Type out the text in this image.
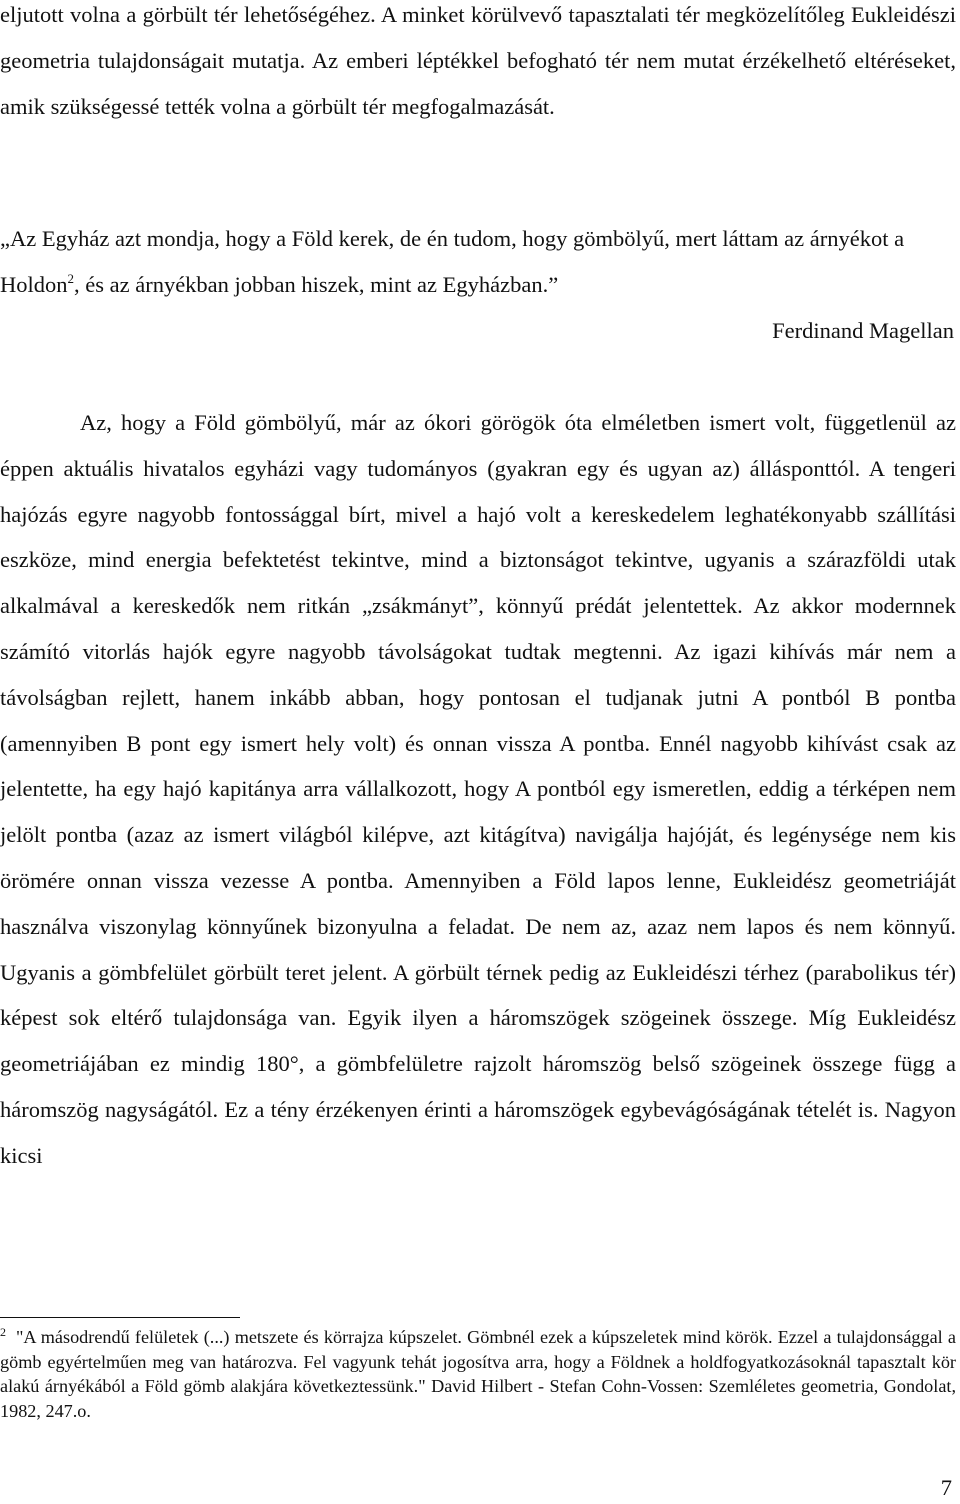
eljutott volna a görbült tér lehetőségéhez. A minket körülvevő tapasztalati tér megközelítőleg Eukleidészi geometria tulajdonságait mutatja. Az emberi léptékkel befogható tér nem mutat érzékelhető eltéréseket, amik szükségessé tették volna a görbült tér megfogalmazását.

„Az Egyház azt mondja, hogy a Föld kerek, de én tudom, hogy gömbölyű, mert láttam az árnyékot a Holdon$^2$, és az árnyékban jobban hiszek, mint az Egyházban.”

Ferdinand Magellan

Az, hogy a Föld gömbölyű, már az ókori görögök óta elméletben ismert volt, függetlenül az éppen aktuális hivatalos egyházi vagy tudományos (gyakran egy és ugyan az) állásponttól. A tengeri hajózás egyre nagyobb fontossággal bírt, mivel a hajó volt a kereskedelem leghatékonyabb szállítási eszköze, mind energia befektetést tekintve, mind a biztonságot tekintve, ugyanis a szárazföldi utak alkalmával a kereskedők nem ritkán „zsákmányt”, könnyű prédát jelentettek. Az akkor modernnek számító vitorlás hajók egyre nagyobb távolságokat tudtak megtenni. Az igazi kihívás már nem a távolságban rejlett, hanem inkább abban, hogy pontosan el tudjanak jutni A pontból B pontba (amennyiben B pont egy ismert hely volt) és onnan vissza A pontba. Ennél nagyobb kihívást csak az jelentette, ha egy hajó kapitánya arra vállalkozott, hogy A pontból egy ismeretlen, eddig a térképen nem jelölt pontba (azaz az ismert világból kilépve, azt kitágítva) navigálja hajóját, és legénysége nem kis örömére onnan vissza vezesse A pontba. Amennyiben a Föld lapos lenne, Eukleidész geometriáját használva viszonylag könnyűnek bizonyulna a feladat. De nem az, azaz nem lapos és nem könnyű. Ugyanis a gömbfelület görbült teret jelent. A görbült térnek pedig az Eukleidészi térhez (parabolikus tér) képest sok eltérő tulajdonsága van. Egyik ilyen a háromszögek szögeinek összege. Míg Eukleidész geometriájában ez mindig 180°, a gömbfelületre rajzolt háromszög belső szögeinek összege függ a háromszög nagyságától. Ez a tény érzékenyen érinti a háromszögek egybevágóságának tételét is. Nagyon kicsi

$^2$ "A másodrendű felületek (...) metszete és körrajza kúpszelet. Gömbnél ezek a kúpszeletek mind körök. Ezzel a tulajdonsággal a gömb egyértelműen meg van határozva. Fel vagyunk tehát jogosítva arra, hogy a Földnek a holdfogyatkozásoknál tapasztalt kör alakú árnyékából a Föld gömb alakjára következtessünk." David Hilbert - Stefan Cohn-Vossen: Szemléletes geometria, Gondolat, 1982, 247.o.

7
